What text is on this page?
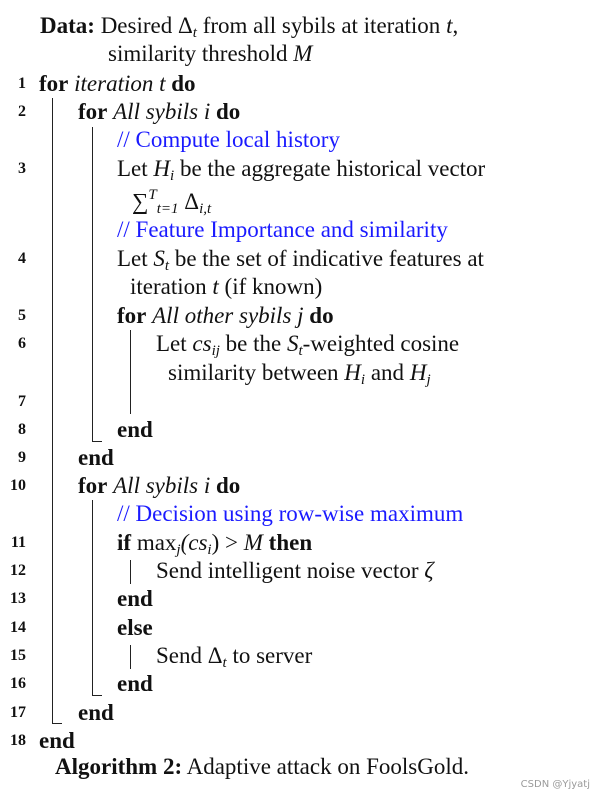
Data: Desired $\Delta_t$ from all sybils at iteration t,
similarity threshold M
1
2
3
4
5
6
7
8
9
10
11
12
13
14
15
16
17
18
for iteration t do
for All sybils i do
// Compute local history
Let $H_i$ be the aggregate historical vector
∑$^T_{t=1}$ $\Delta_{i,t}$
// Feature Importance and similarity
Let $S_t$ be the set of indicative features at
iteration t (if known)
for All other sybils j do
Let $cs_{ij}$ be the $S_t$-weighted cosine
similarity between $H_i$ and $H_j$
end
end
for All sybils i do
// Decision using row-wise maximum
if $\max_j(cs_i) > M$ then
Send intelligent noise vector ζ
end
else
Send $\Delta_t$ to server
end
end
end
Algorithm 2: Adaptive attack on FoolsGold.
CSDN @Yjyatj
